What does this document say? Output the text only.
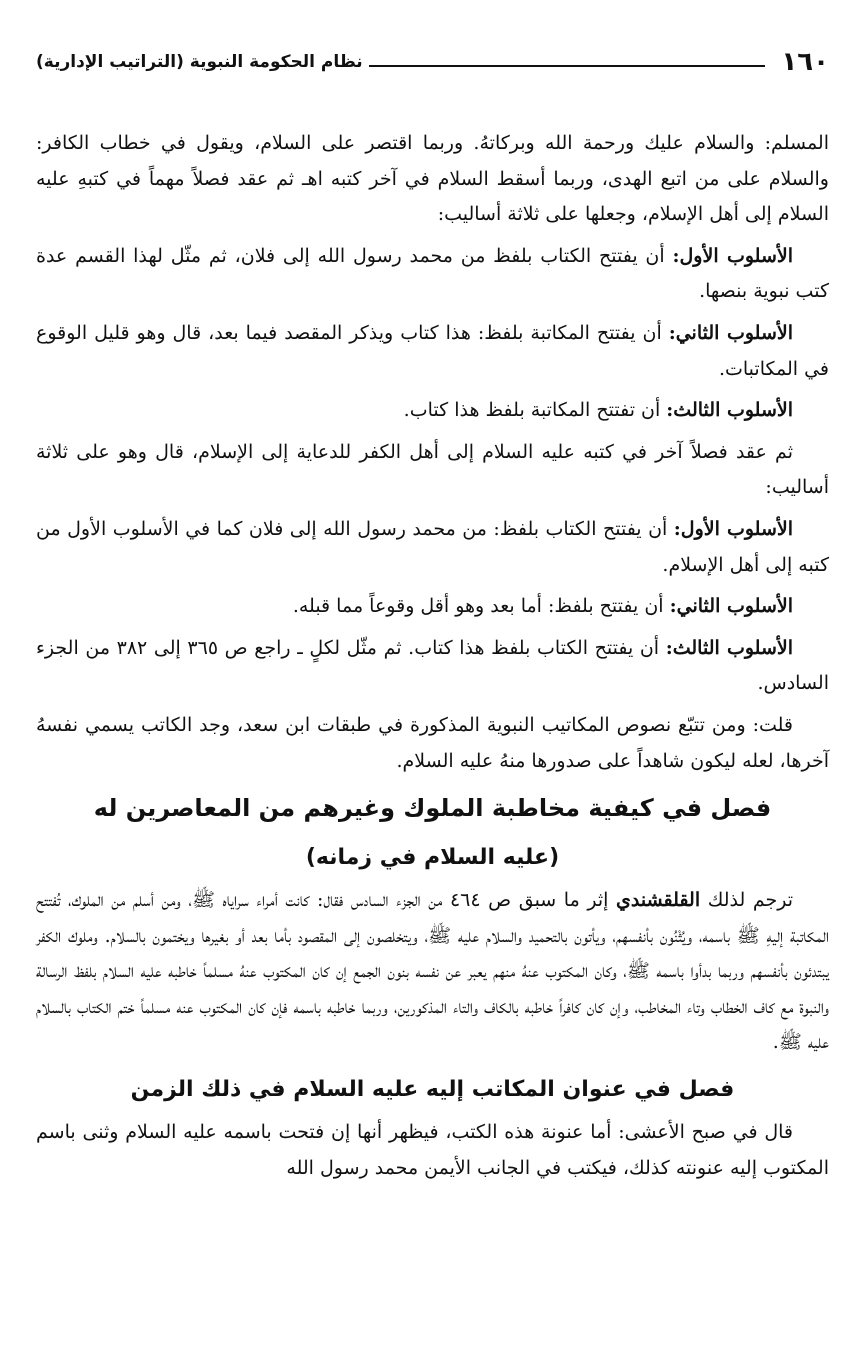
١٦٠
نظام الحكومة النبوية (التراتيب الإدارية)

المسلم: والسلام عليك ورحمة الله وبركاتهُ. وربما اقتصر على السلام، ويقول في خطاب الكافر: والسلام على من اتبع الهدى، وربما أسقط السلام في آخر كتبه اهـ ثم عقد فصلاً مهماً في كتبهِ عليه السلام إلى أهل الإسلام، وجعلها على ثلاثة أساليب:

الأسلوب الأول: أن يفتتح الكتاب بلفظ من محمد رسول الله إلى فلان، ثم مثّل لهذا القسم عدة كتب نبوية بنصها.

الأسلوب الثاني: أن يفتتح المكاتبة بلفظ: هذا كتاب ويذكر المقصد فيما بعد، قال وهو قليل الوقوع في المكاتبات.

الأسلوب الثالث: أن تفتتح المكاتبة بلفظ هذا كتاب.

ثم عقد فصلاً آخر في كتبه عليه السلام إلى أهل الكفر للدعاية إلى الإسلام، قال وهو على ثلاثة أساليب:

الأسلوب الأول: أن يفتتح الكتاب بلفظ: من محمد رسول الله إلى فلان كما في الأسلوب الأول من كتبه إلى أهل الإسلام.

الأسلوب الثاني: أن يفتتح بلفظ: أما بعد وهو أقل وقوعاً مما قبله.

الأسلوب الثالث: أن يفتتح الكتاب بلفظ هذا كتاب. ثم مثّل لكلٍ ـ راجع ص ٣٦٥ إلى ٣٨٢ من الجزء السادس.

قلت: ومن تتبّع نصوص المكاتيب النبوية المذكورة في طبقات ابن سعد، وجد الكاتب يسمي نفسهُ آخرها، لعله ليكون شاهداً على صدورها منهُ عليه السلام.

فصل في كيفية مخاطبة الملوك وغيرهم من المعاصرين له
(عليه السلام في زمانه)

ترجم لذلك القلقشندي إثر ما سبق ص ٤٦٤ من الجزء السادس فقال: كانت أمراء سراياه ﷺ، ومن أسلم من الملوك، تُفتتح المكاتبة إليهِ ﷺ باسمه، ويُثْنُون بأنفسهم، ويأتون بالتحميد والسلام عليه ﷺ، ويتخلصون إلى المقصود بأما بعد أو بغيرها ويختمون بالسلام. وملوك الكفر يبتدئون بأنفسهم وربما بدأوا باسمه ﷺ، وكان المكتوب عنهُ منهم يعبر عن نفسه بنون الجمع إن كان المكتوب عنهُ مسلماً خاطبه عليه السلام بلفظ الرسالة والنبوة مع كاف الخطاب وتاء المخاطب، وإن كان كافراً خاطبه بالكاف والتاء المذكورين، وربما خاطبه باسمه فإن كان المكتوب عنه مسلماً ختم الكتاب بالسلام عليه ﷺ.

فصل في عنوان المكاتب إليه عليه السلام في ذلك الزمن

قال في صبح الأعشى: أما عنونة هذه الكتب، فيظهر أنها إن فتحت باسمه عليه السلام وثنى باسم المكتوب إليه عنونته كذلك، فيكتب في الجانب الأيمن محمد رسول الله
